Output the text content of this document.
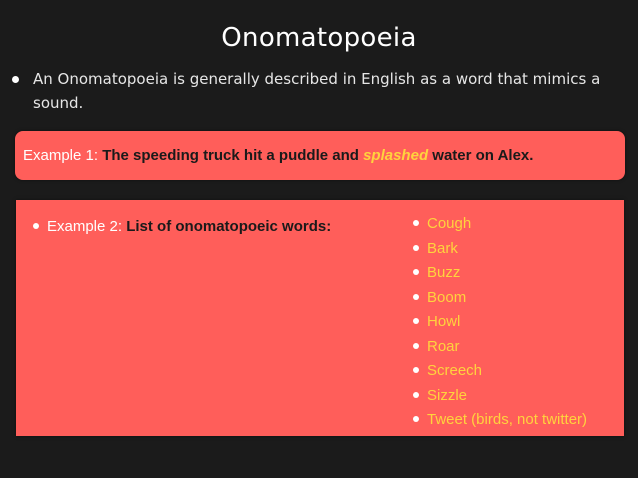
Onomatopoeia
An Onomatopoeia is generally described in English as a word that mimics a sound.
Example 1: The speeding truck hit a puddle and splashed water on Alex.
Example 2: List of onomatopoeic words:	Cough
Bark
Buzz
Boom
Howl
Roar
Screech
Sizzle
Tweet (birds, not twitter)
